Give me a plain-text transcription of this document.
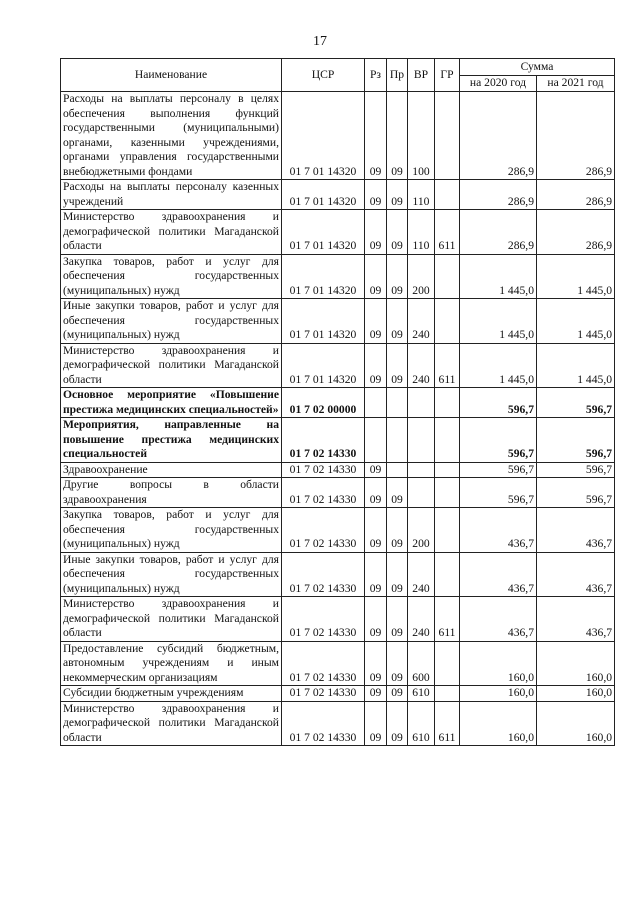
17
Наименование	ЦСР	Рз	Пр	ВР	ГР	Сумма	
						на 2020 год	на 2021 год
Расходы на выплаты персоналу в целях обеспечения выполнения функций государственными (муниципальными) органами, казенными учреждениями, органами управления государственными внебюджетными фондами	01 7 01 14320	09	09	100		286,9	286,9
Расходы на выплаты персоналу казенных учреждений	01 7 01 14320	09	09	110		286,9	286,9
Министерство здравоохранения и демографической политики Магаданской области	01 7 01 14320	09	09	110	611	286,9	286,9
Закупка товаров, работ и услуг для обеспечения государственных (муниципальных) нужд	01 7 01 14320	09	09	200		1 445,0	1 445,0
Иные закупки товаров, работ и услуг для обеспечения государственных (муниципальных) нужд	01 7 01 14320	09	09	240		1 445,0	1 445,0
Министерство здравоохранения и демографической политики Магаданской области	01 7 01 14320	09	09	240	611	1 445,0	1 445,0
Основное мероприятие «Повышение престижа медицинских специальностей»	01 7 02 00000					596,7	596,7
Мероприятия, направленные на повышение престижа медицинских специальностей	01 7 02 14330					596,7	596,7
Здравоохранение	01 7 02 14330	09				596,7	596,7
Другие вопросы в области здравоохранения	01 7 02 14330	09	09			596,7	596,7
Закупка товаров, работ и услуг для обеспечения государственных (муниципальных) нужд	01 7 02 14330	09	09	200		436,7	436,7
Иные закупки товаров, работ и услуг для обеспечения государственных (муниципальных) нужд	01 7 02 14330	09	09	240		436,7	436,7
Министерство здравоохранения и демографической политики Магаданской области	01 7 02 14330	09	09	240	611	436,7	436,7
Предоставление субсидий бюджетным, автономным учреждениям и иным некоммерческим организациям	01 7 02 14330	09	09	600		160,0	160,0
Субсидии бюджетным учреждениям	01 7 02 14330	09	09	610		160,0	160,0
Министерство здравоохранения и демографической политики Магаданской области	01 7 02 14330	09	09	610	611	160,0	160,0
